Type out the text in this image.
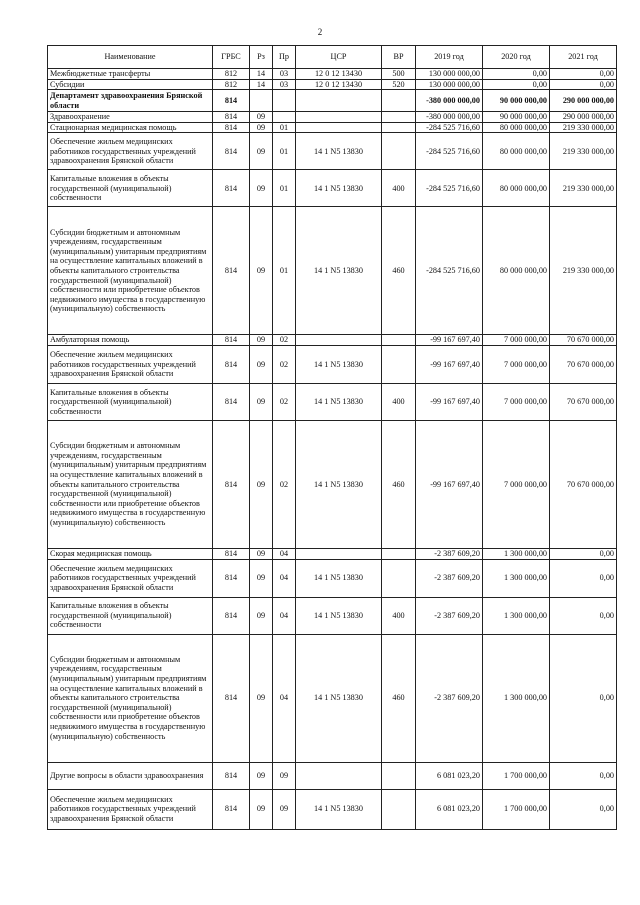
2
Наименование	ГРБС	Рз	Пр	ЦСР	ВР	2019 год	2020 год	2021 год
Межбюджетные трансферты	812	14	03	12 0 12 13430	500	130 000 000,00	0,00	0,00
Субсидии	812	14	03	12 0 12 13430	520	130 000 000,00	0,00	0,00
Департамент здравоохранения Брянской области	814					-380 000 000,00	90 000 000,00	290 000 000,00
Здравоохранение	814	09				-380 000 000,00	90 000 000,00	290 000 000,00
Стационарная медицинская помощь	814	09	01			-284 525 716,60	80 000 000,00	219 330 000,00
Обеспечение жильем медицинских работников государственных учреждений здравоохранения Брянской области	814	09	01	14 1 N5 13830		-284 525 716,60	80 000 000,00	219 330 000,00
Капитальные вложения в объекты государственной (муниципальной) собственности	814	09	01	14 1 N5 13830	400	-284 525 716,60	80 000 000,00	219 330 000,00
Субсидии бюджетным и автономным учреждениям, государственным (муниципальным) унитарным предприятиям на осуществление капитальных вложений в объекты капитального строительства государственной (муниципальной) собственности или приобретение объектов недвижимого имущества в государственную (муниципальную) собственность	814	09	01	14 1 N5 13830	460	-284 525 716,60	80 000 000,00	219 330 000,00
Амбулаторная помощь	814	09	02			-99 167 697,40	7 000 000,00	70 670 000,00
Обеспечение жильем медицинских работников государственных учреждений здравоохранения Брянской области	814	09	02	14 1 N5 13830		-99 167 697,40	7 000 000,00	70 670 000,00
Капитальные вложения в объекты государственной (муниципальной) собственности	814	09	02	14 1 N5 13830	400	-99 167 697,40	7 000 000,00	70 670 000,00
Субсидии бюджетным и автономным учреждениям, государственным (муниципальным) унитарным предприятиям на осуществление капитальных вложений в объекты капитального строительства государственной (муниципальной) собственности или приобретение объектов недвижимого имущества в государственную (муниципальную) собственность	814	09	02	14 1 N5 13830	460	-99 167 697,40	7 000 000,00	70 670 000,00
Скорая медицинская помощь	814	09	04			-2 387 609,20	1 300 000,00	0,00
Обеспечение жильем медицинских работников государственных учреждений здравоохранения Брянской области	814	09	04	14 1 N5 13830		-2 387 609,20	1 300 000,00	0,00
Капитальные вложения в объекты государственной (муниципальной) собственности	814	09	04	14 1 N5 13830	400	-2 387 609,20	1 300 000,00	0,00
Субсидии бюджетным и автономным учреждениям, государственным (муниципальным) унитарным предприятиям на осуществление капитальных вложений в объекты капитального строительства государственной (муниципальной) собственности или приобретение объектов недвижимого имущества в государственную (муниципальную) собственность	814	09	04	14 1 N5 13830	460	-2 387 609,20	1 300 000,00	0,00
Другие вопросы в области здравоохранения	814	09	09			6 081 023,20	1 700 000,00	0,00
Обеспечение жильем медицинских работников государственных учреждений здравоохранения Брянской области	814	09	09	14 1 N5 13830		6 081 023,20	1 700 000,00	0,00
